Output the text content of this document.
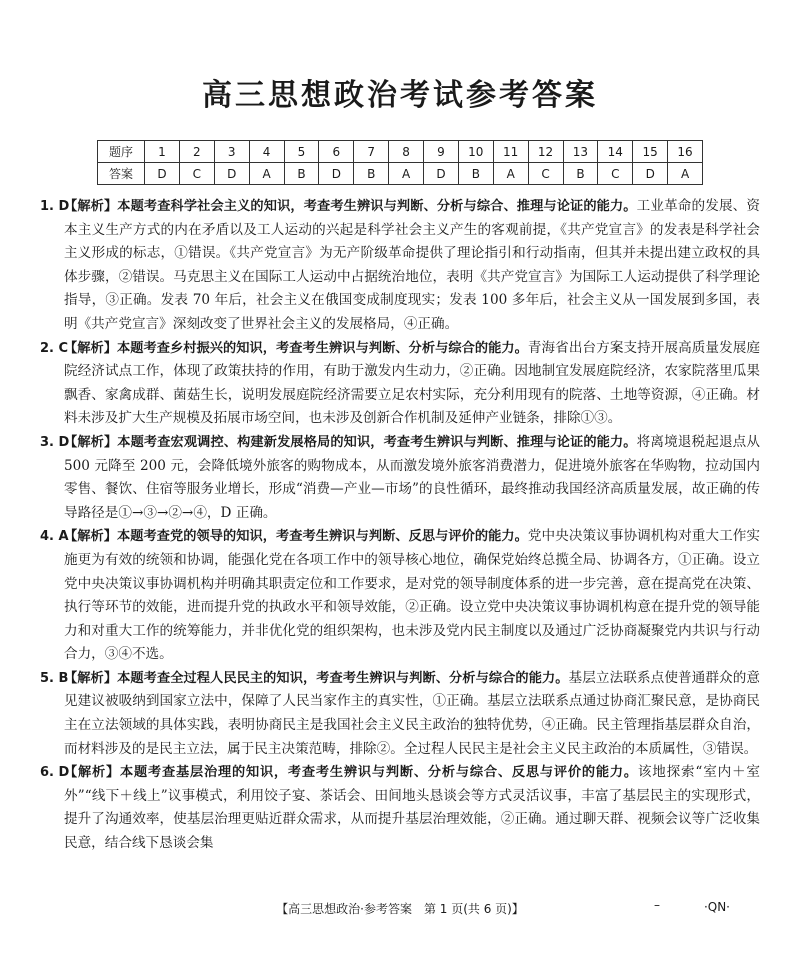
高三思想政治考试参考答案
题序	1	2	3	4	5	6	7	8	9	10	11	12	13	14	15	16
答案	D	C	D	A	B	D	B	A	D	B	A	C	B	C	D	A
1. D
【解析】本题考查科学社会主义的知识，考查考生辨识与判断、分析与综合、推理与论证的能力。工业革命的发展、资本主义生产方式的内在矛盾以及工人运动的兴起是科学社会主义产生的客观前提，《共产党宣言》的发表是科学社会主义形成的标志，①错误。《共产党宣言》为无产阶级革命提供了理论指引和行动指南，但其并未提出建立政权的具体步骤，②错误。马克思主义在国际工人运动中占据统治地位，表明《共产党宣言》为国际工人运动提供了科学理论指导，③正确。发表 70 年后，社会主义在俄国变成制度现实；发表 100 多年后，社会主义从一国发展到多国，表明《共产党宣言》深刻改变了世界社会主义的发展格局，④正确。
2. C
【解析】本题考查乡村振兴的知识，考查考生辨识与判断、分析与综合的能力。青海省出台方案支持开展高质量发展庭院经济试点工作，体现了政策扶持的作用，有助于激发内生动力，②正确。因地制宜发展庭院经济，农家院落里瓜果飘香、家禽成群、菌菇生长，说明发展庭院经济需要立足农村实际，充分利用现有的院落、土地等资源，④正确。材料未涉及扩大生产规模及拓展市场空间，也未涉及创新合作机制及延伸产业链条，排除①③。
3. D
【解析】本题考查宏观调控、构建新发展格局的知识，考查考生辨识与判断、推理与论证的能力。将离境退税起退点从 500 元降至 200 元，会降低境外旅客的购物成本，从而激发境外旅客消费潜力，促进境外旅客在华购物，拉动国内零售、餐饮、住宿等服务业增长，形成“消费—产业—市场”的良性循环，最终推动我国经济高质量发展，故正确的传导路径是①→③→②→④，D 正确。
4. A
【解析】本题考查党的领导的知识，考查考生辨识与判断、反思与评价的能力。党中央决策议事协调机构对重大工作实施更为有效的统领和协调，能强化党在各项工作中的领导核心地位，确保党始终总揽全局、协调各方，①正确。设立党中央决策议事协调机构并明确其职责定位和工作要求，是对党的领导制度体系的进一步完善，意在提高党在决策、执行等环节的效能，进而提升党的执政水平和领导效能，②正确。设立党中央决策议事协调机构意在提升党的领导能力和对重大工作的统筹能力，并非优化党的组织架构，也未涉及党内民主制度以及通过广泛协商凝聚党内共识与行动合力，③④不选。
5. B
【解析】本题考查全过程人民民主的知识，考查考生辨识与判断、分析与综合的能力。基层立法联系点使普通群众的意见建议被吸纳到国家立法中，保障了人民当家作主的真实性，①正确。基层立法联系点通过协商汇聚民意，是协商民主在立法领域的具体实践，表明协商民主是我国社会主义民主政治的独特优势，④正确。民主管理指基层群众自治，而材料涉及的是民主立法，属于民主决策范畴，排除②。全过程人民民主是社会主义民主政治的本质属性，③错误。
6. D
【解析】本题考查基层治理的知识，考查考生辨识与判断、分析与综合、反思与评价的能力。该地探索“室内＋室外”“线下＋线上”议事模式，利用饺子宴、茶话会、田间地头恳谈会等方式灵活议事，丰富了基层民主的实现形式，提升了沟通效率，使基层治理更贴近群众需求，从而提升基层治理效能，②正确。通过聊天群、视频会议等广泛收集民意，结合线下恳谈会集
【高三思想政治·参考答案　第 1 页(共 6 页)】	–	·QN·
